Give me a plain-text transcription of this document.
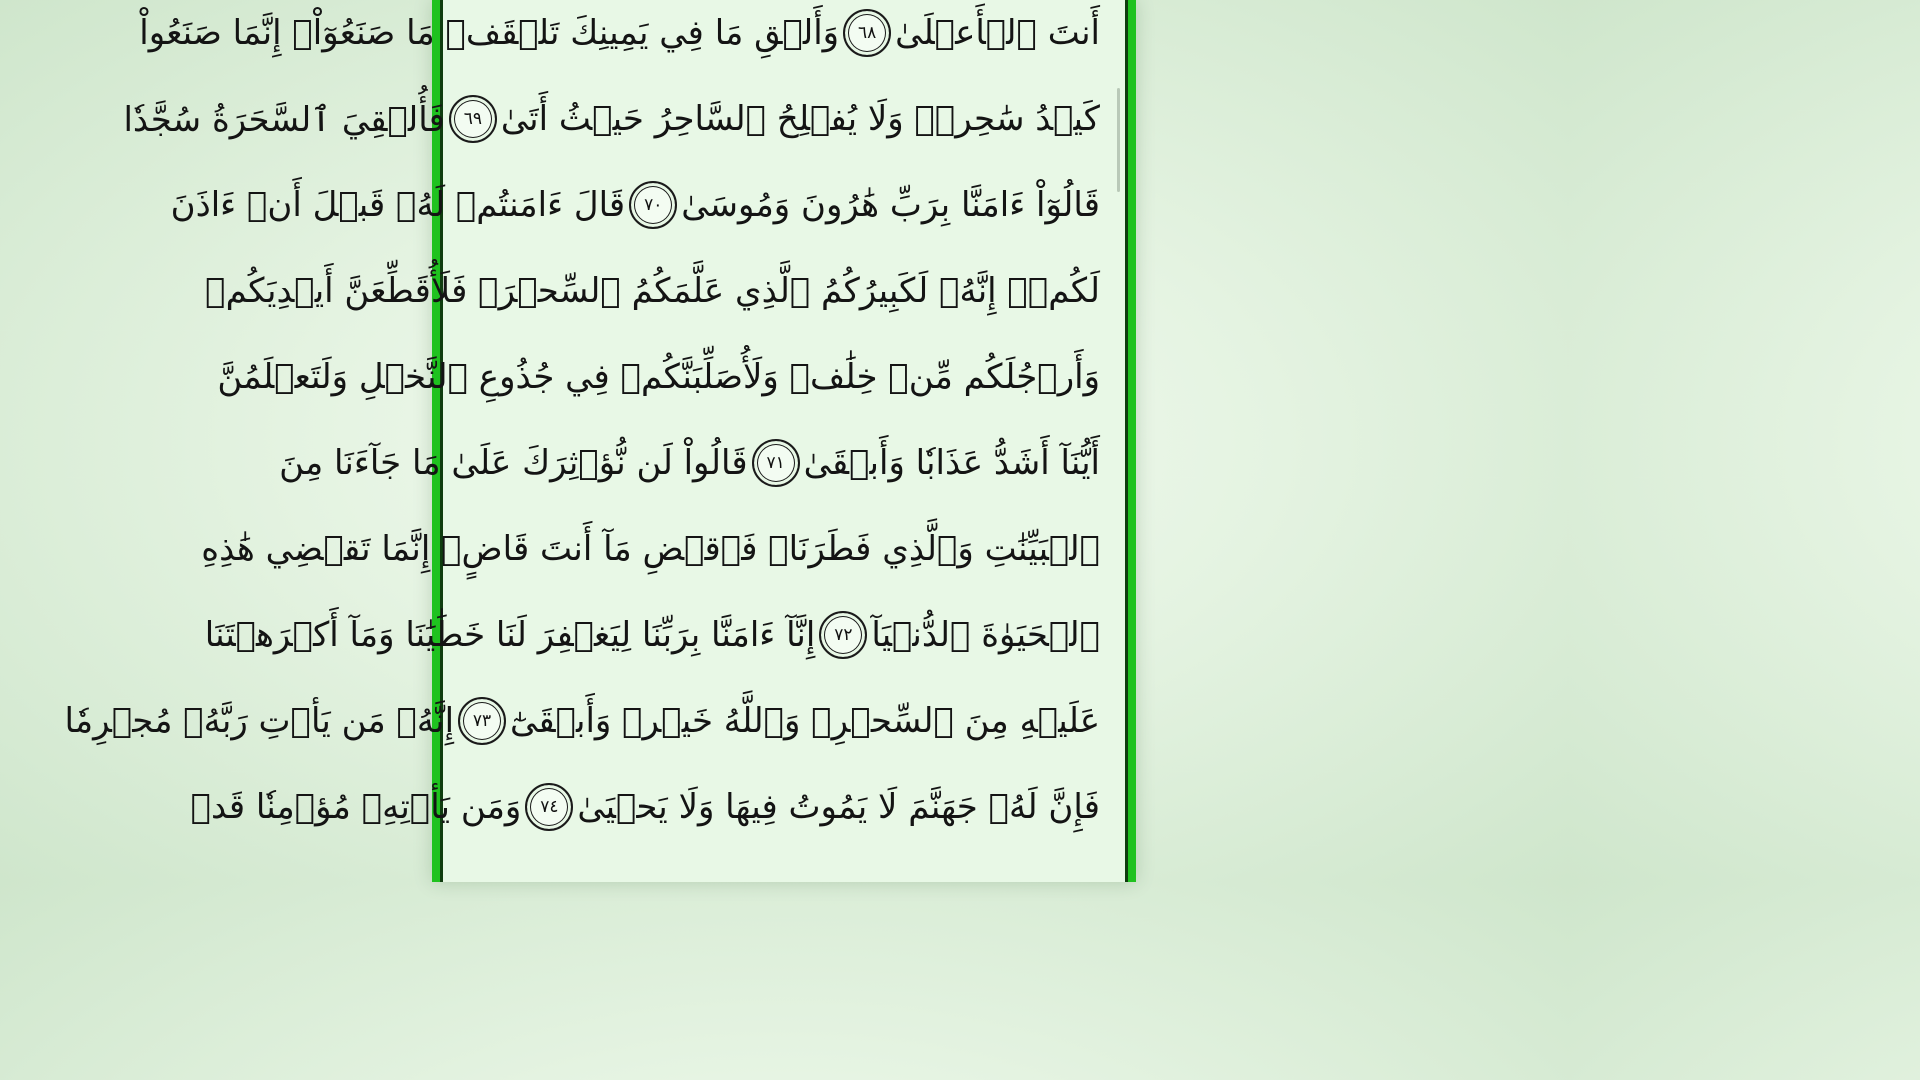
أَنتَ ٱلۡأَعۡلَىٰ
٦٨
وَأَلۡقِ مَا فِي يَمِينِكَ تَلۡقَفۡ مَا صَنَعُوٓاْۖ إِنَّمَا صَنَعُواْ
كَيۡدُ سَٰحِرٖۖ وَلَا يُفۡلِحُ ٱلسَّاحِرُ حَيۡثُ أَتَىٰ
٦٩
فَأُلۡقِيَ ٱلسَّحَرَةُ سُجَّدٗا
قَالُوٓاْ ءَامَنَّا بِرَبِّ هَٰرُونَ وَمُوسَىٰ
٧٠
قَالَ ءَامَنتُمۡ لَهُۥ قَبۡلَ أَنۡ ءَاذَنَ
لَكُمۡۖ إِنَّهُۥ لَكَبِيرُكُمُ ٱلَّذِي عَلَّمَكُمُ ٱلسِّحۡرَۖ فَلَأُقَطِّعَنَّ أَيۡدِيَكُمۡ
وَأَرۡجُلَكُم مِّنۡ خِلَٰفٖ وَلَأُصَلِّبَنَّكُمۡ فِي جُذُوعِ ٱلنَّخۡلِ وَلَتَعۡلَمُنَّ
أَيُّنَآ أَشَدُّ عَذَابٗا وَأَبۡقَىٰ
٧١
قَالُواْ لَن نُّؤۡثِرَكَ عَلَىٰ مَا جَآءَنَا مِنَ
ٱلۡبَيِّنَٰتِ وَٱلَّذِي فَطَرَنَاۖ فَٱقۡضِ مَآ أَنتَ قَاضٍۖ إِنَّمَا تَقۡضِي هَٰذِهِ
ٱلۡحَيَوٰةَ ٱلدُّنۡيَآ
٧٢
إِنَّآ ءَامَنَّا بِرَبِّنَا لِيَغۡفِرَ لَنَا خَطَٰيَٰنَا وَمَآ أَكۡرَهۡتَنَا
عَلَيۡهِ مِنَ ٱلسِّحۡرِۗ وَٱللَّهُ خَيۡرٞ وَأَبۡقَىٰٓ
٧٣
إِنَّهُۥ مَن يَأۡتِ رَبَّهُۥ مُجۡرِمٗا
فَإِنَّ لَهُۥ جَهَنَّمَ لَا يَمُوتُ فِيهَا وَلَا يَحۡيَىٰ
٧٤
وَمَن يَأۡتِهِۦ مُؤۡمِنٗا قَدۡ
